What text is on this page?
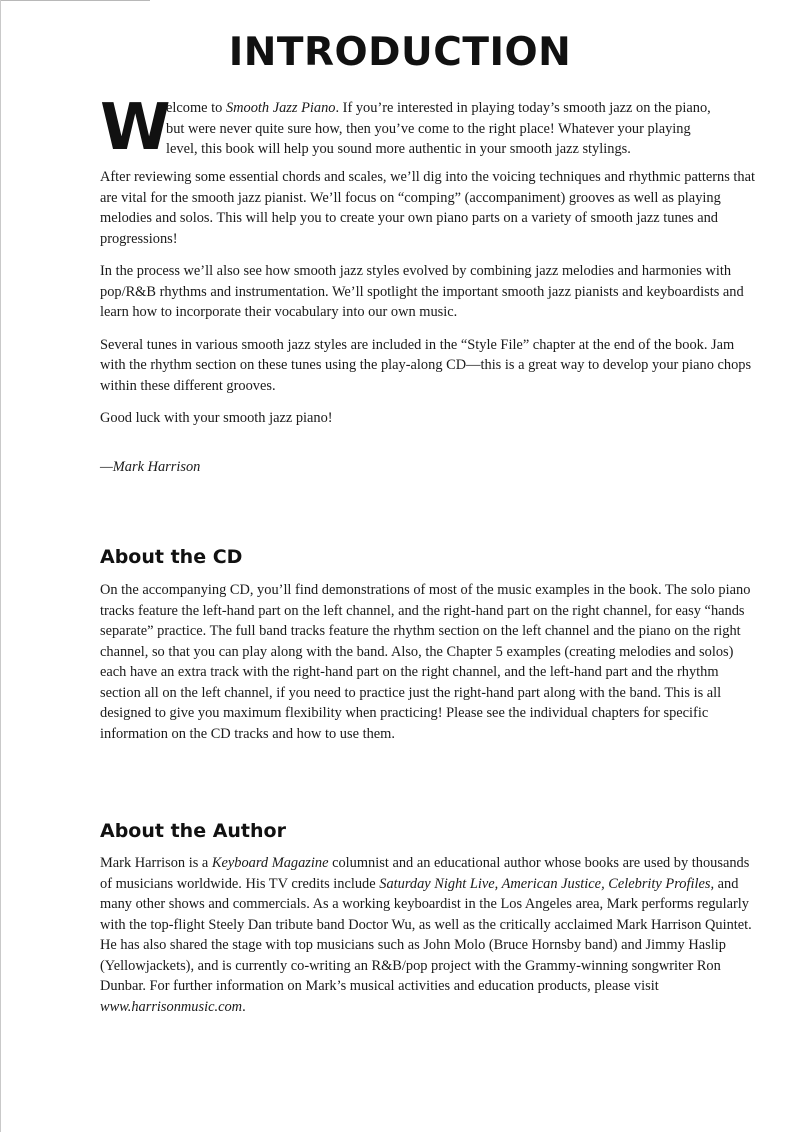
INTRODUCTION
W
elcome to Smooth Jazz Piano. If you’re interested in playing today’s smooth jazz on the piano,
but were never quite sure how, then you’ve come to the right place! Whatever your playing
level, this book will help you sound more authentic in your smooth jazz stylings.

After reviewing some essential chords and scales, we’ll dig into the voicing techniques and rhythmic patterns that are vital for the smooth jazz pianist. We’ll focus on “comping” (accompaniment) grooves as well as playing melodies and solos. This will help you to create your own piano parts on a variety of smooth jazz tunes and progressions!

In the process we’ll also see how smooth jazz styles evolved by combining jazz melodies and harmonies with pop/R&B rhythms and instrumentation. We’ll spotlight the important smooth jazz pianists and keyboardists and learn how to incorporate their vocabulary into our own music.

Several tunes in various smooth jazz styles are included in the “Style File” chapter at the end of the book. Jam with the rhythm section on these tunes using the play-along CD—this is a great way to develop your piano chops within these different grooves.

Good luck with your smooth jazz piano!

—Mark Harrison

About the CD

On the accompanying CD, you’ll find demonstrations of most of the music examples in the book. The solo piano tracks feature the left-hand part on the left channel, and the right-hand part on the right channel, for easy “hands separate” practice. The full band tracks feature the rhythm section on the left channel and the piano on the right channel, so that you can play along with the band. Also, the Chapter 5 examples (creating melodies and solos) each have an extra track with the right-hand part on the right channel, and the left-hand part and the rhythm section all on the left channel, if you need to practice just the right-hand part along with the band. This is all designed to give you maximum flexibility when practicing! Please see the individual chapters for specific information on the CD tracks and how to use them.

About the Author

Mark Harrison is a Keyboard Magazine columnist and an educational author whose books are used by thousands of musicians worldwide. His TV credits include Saturday Night Live, American Justice, Celebrity Profiles, and many other shows and commercials. As a working keyboardist in the Los Angeles area, Mark performs regularly with the top-flight Steely Dan tribute band Doctor Wu, as well as the critically acclaimed Mark Harrison Quintet. He has also shared the stage with top musicians such as John Molo (Bruce Hornsby band) and Jimmy Haslip (Yellowjackets), and is currently co-writing an R&B/pop project with the Grammy-winning songwriter Ron Dunbar. For further information on Mark’s musical activities and education products, please visit www.harrisonmusic.com.
